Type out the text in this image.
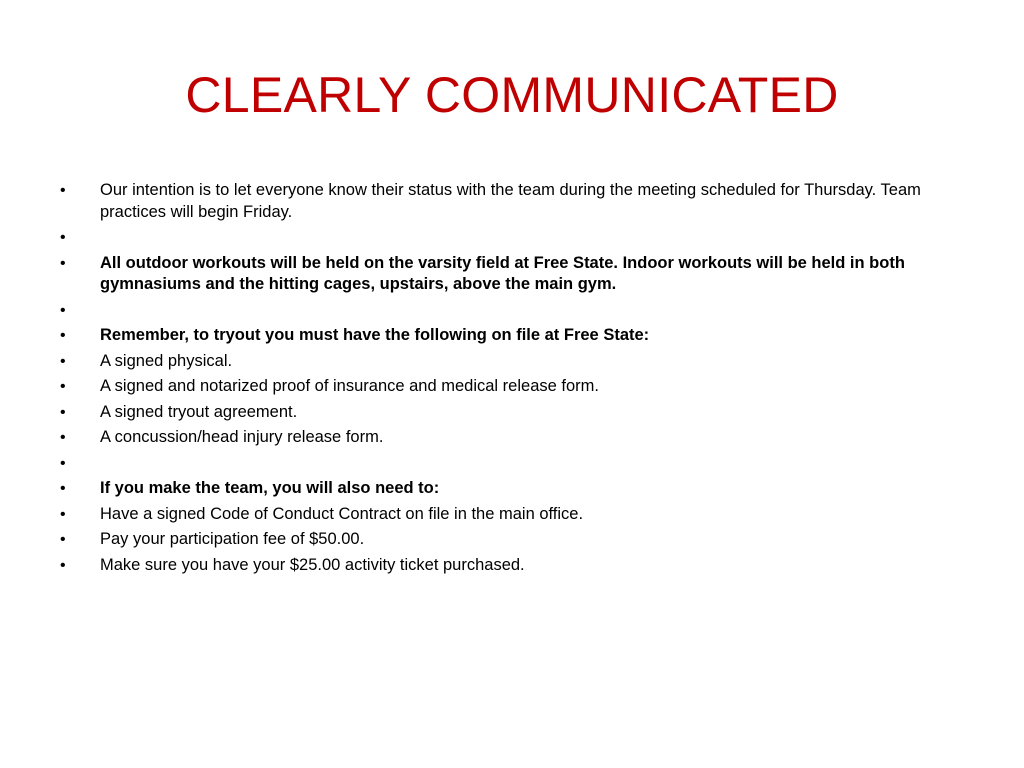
CLEARLY COMMUNICATED
•	Our intention is to let everyone know their status with the team during the meeting scheduled for Thursday. Team practices will begin Friday.
•
•	All outdoor workouts will be held on the varsity field at Free State. Indoor workouts will be held in both gymnasiums and the hitting cages, upstairs, above the main gym.
•
•	Remember, to tryout you must have the following on file at Free State:
•	A signed physical.
•	A signed and notarized proof of insurance and medical release form.
•	A signed tryout agreement.
•	A concussion/head injury release form.
•
•	If you make the team, you will also need to:
•	Have a signed Code of Conduct Contract on file in the main office.
•	Pay your participation fee of $50.00.
•	Make sure you have your $25.00 activity ticket purchased.
